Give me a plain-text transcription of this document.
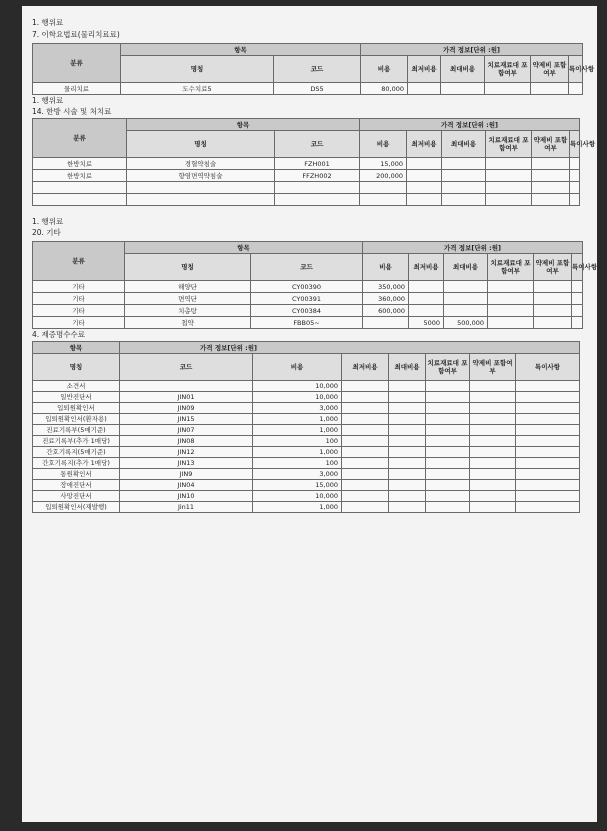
1. 행위료
7. 이학요법료(물리치료료)
분류	항목		가격 정보[단위 :원]					
	명칭	코드	비용	최저비용	최대비용	치료재료대 포함여부	약제비 포함여부	특이사항
물리치료	도수치료5	DS5	80,000					
1. 행위료
14. 한방 시술 및 처치료
분류	항목		가격 정보[단위 :원]					
	명칭	코드	비용	최저비용	최대비용	치료재료대 포함여부	약제비 포함여부	특이사항
한방치료	경혈약침술	FZH001	15,000					
한방치료	향염면역약침술	FFZH002	200,000					

1. 행위료
20. 기타
분류	항목		가격 정보[단위 :원]					
	명칭	코드	비용	최저비용	최대비용	치료재료대 포함여부	약제비 포함여부	특이사항
기타	해양단	CY00390	350,000					
기타	면역단	CY00391	360,000					
기타	치총탕	CY00384	600,000					
기타	첩약	FBB05~		5000	500,000			
4. 제증명수수료
항목	가격 정보[단위 :원]						
명칭	코드	비용	최저비용	최대비용	치료재료대 포함여부	약제비 포함여부	특이사항
소견서		10,000					
일반진단서	JIN01	10,000					
입퇴원확인서	JIN09	3,000					
입퇴원확인서(환자용)	JIN15	1,000					
진료기록부(5매기준)	JIN07	1,000					
진료기록부(추가 1매당)	JIN08	100					
간호기록지(5매기준)	JIN12	1,000					
간호기록지(추가 1매당)	JIN13	100					
통원확인서	JIN9	3,000					
장애진단서	JIN04	15,000					
사망진단서	JIN10	10,000					
입퇴원확인서(재발행)	Jin11	1,000					
